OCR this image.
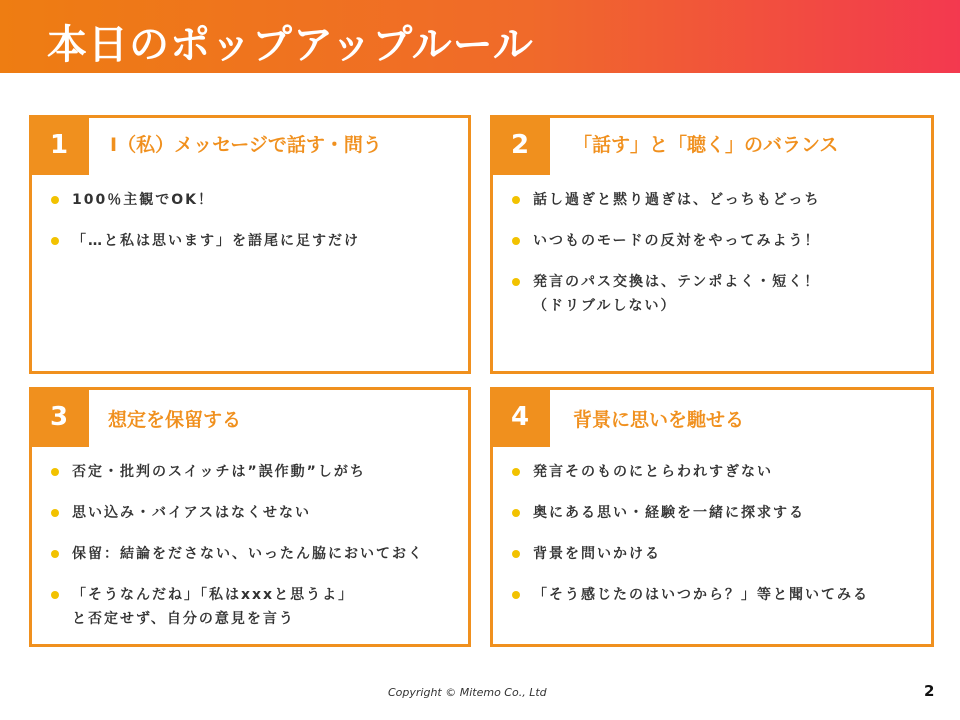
本日のポップアップルール
1	Ⅰ（私）メッセージで話す・問う
100％主観でOK！
「…と私は思います」を語尾に足すだけ
2	「話す」と「聴く」のバランス
話し過ぎと黙り過ぎは、どっちもどっち
いつものモードの反対をやってみよう！
発言のパス交換は、テンポよく・短く！
（ドリブルしない）
3	想定を保留する
否定・批判のスイッチは”誤作動”しがち
思い込み・バイアスはなくせない
保留：結論をださない、いったん脇においておく
「そうなんだね」「私はxxxと思うよ」
と否定せず、自分の意見を言う
4	背景に思いを馳せる
発言そのものにとらわれすぎない
奥にある思い・経験を一緒に探求する
背景を問いかける
「そう感じたのはいつから？」等と聞いてみる
Copyright © Mitemo Co., Ltd	2
